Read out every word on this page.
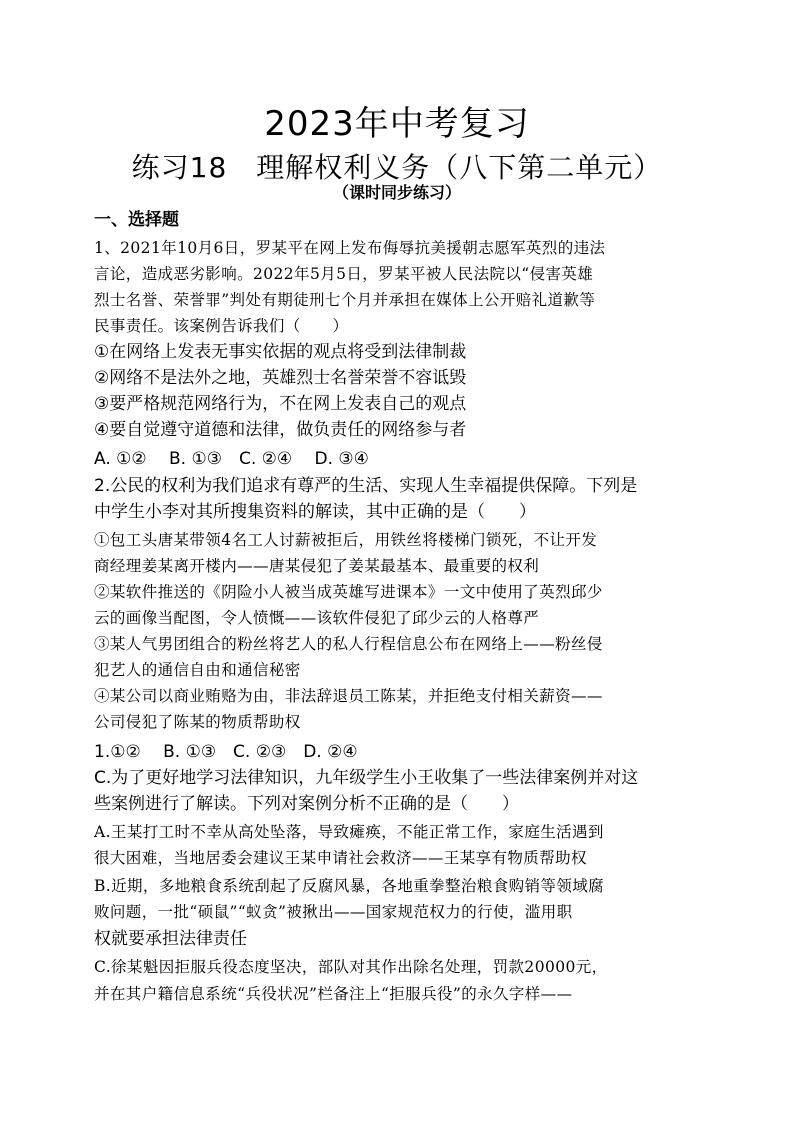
2023年中考复习
练习18　理解权利义务（八下第二单元）
（课时同步练习）
一、选择题
1、2021年10月6日，罗某平在网上发布侮辱抗美援朝志愿军英烈的违法
言论，造成恶劣影响。2022年5月5日，罗某平被人民法院以“侵害英雄
烈士名誉、荣誉罪”判处有期徒刑七个月并承担在媒体上公开赔礼道歉等
民事责任。该案例告诉我们（　　）
①在网络上发表无事实依据的观点将受到法律制裁
②网络不是法外之地，英雄烈士名誉荣誉不容诋毁
③要严格规范网络行为，不在网上发表自己的观点
④要自觉遵守道德和法律，做负责任的网络参与者
A. ①②　 B. ①③　C. ②④　 D. ③④
2.公民的权利为我们追求有尊严的生活、实现人生幸福提供保障。下列是
中学生小李对其所搜集资料的解读，其中正确的是（　　）
①包工头唐某带领4名工人讨薪被拒后，用铁丝将楼梯门锁死，不让开发
商经理姜某离开楼内——唐某侵犯了姜某最基本、最重要的权利
②某软件推送的《阴险小人被当成英雄写进课本》一文中使用了英烈邱少
云的画像当配图，令人愤慨——该软件侵犯了邱少云的人格尊严
③某人气男团组合的粉丝将艺人的私人行程信息公布在网络上——粉丝侵
犯艺人的通信自由和通信秘密
④某公司以商业贿赂为由，非法辞退员工陈某，并拒绝支付相关薪资——
公司侵犯了陈某的物质帮助权
1.①②　 B. ①③　C. ②③　D. ②④
C.为了更好地学习法律知识，九年级学生小王收集了一些法律案例并对这
些案例进行了解读。下列对案例分析不正确的是（　　）
A.王某打工时不幸从高处坠落，导致瘫痪，不能正常工作，家庭生活遇到
很大困难，当地居委会建议王某申请社会救济——王某享有物质帮助权
B.近期，多地粮食系统刮起了反腐风暴，各地重拳整治粮食购销等领域腐
败问题，一批“硕鼠”“蚁贪”被揪出——国家规范权力的行使，滥用职
权就要承担法律责任
C.徐某魁因拒服兵役态度坚决，部队对其作出除名处理，罚款20000元，
并在其户籍信息系统“兵役状况”栏备注上“拒服兵役”的永久字样——
